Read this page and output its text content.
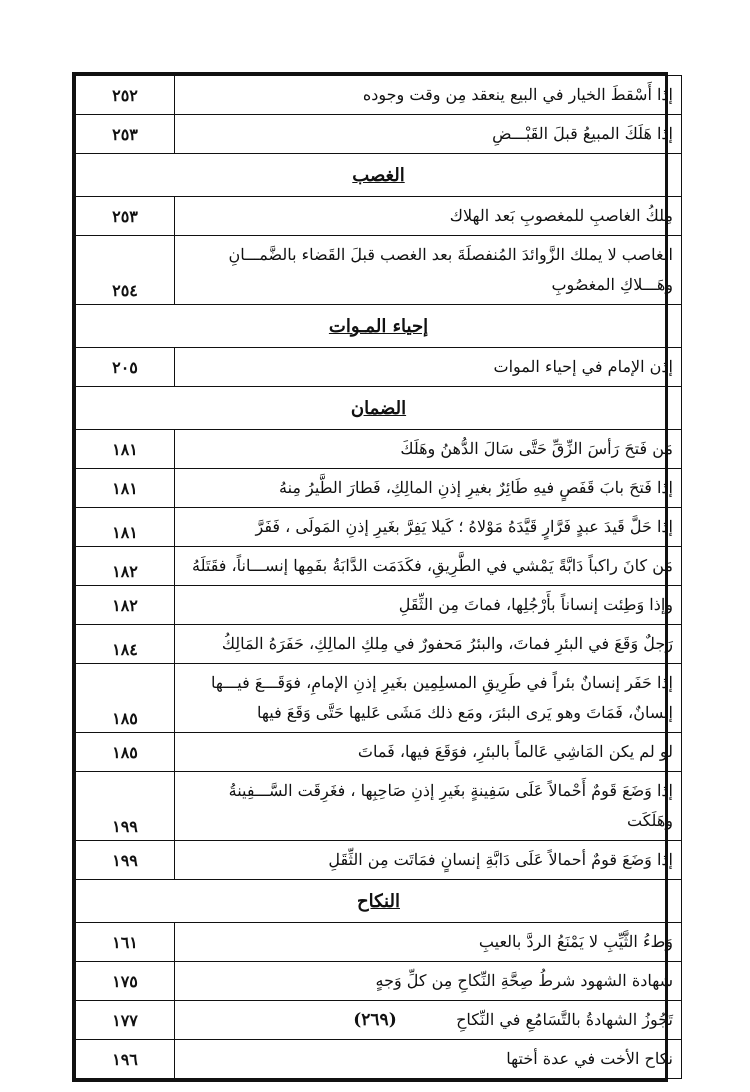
إذا أَسْقطَ الخيار في البيع ينعقد مِن وقت وجوده	٢٥٢
إذا هَلَكَ المبيعُ قبلَ القَبْـــضِ	٢٥٣
الغصب	
مِلكُ الغاصبِ للمغصوبِ بَعد الهلاك	٢٥٣
الغاصب لا يملك الزَّوائدَ المُنفصلَةَ بعد الغصب قبلَ القَضاء بالضَّمـــانِ وهَـــلاكِ المغصُوبِ	٢٥٤
إحياء المـوات	
إذن الإمام في إحياء الموات	٢٠٥
الضمان	
مَن فَتحَ رَأسَ الزِّقِّ حَتَّى سَالَ الدُّهنُ وهَلَكَ	١٨١
إذا فَتحَ بابَ قَفَصٍ فيهِ طَائِرٌ بغيرِ إذنِ المالِكِ، فَطارَ الطَّيرُ مِنهُ	١٨١
إذا حَلَّ قَيدَ عبدٍ فَرَّارٍ قَيَّدَهُ مَوْلاهُ ؛ كَيلا يَفِرَّ بغَيرِ إذنِ المَولَى ، فَفَرَّ	١٨١
مَن كانَ راكباً دَابَّةً يَمْشي في الطَّرِيقِ، فكَدَمَت الدَّابَةُ بفَمِها إنســـاناً، فقَتَلَهُ	١٨٢
وإذا وَطِئت إنساناً بأَرْجُلِها، فماتَ مِن الثِّقَلِ	١٨٢
رَجلٌ وَقَعَ في البئرِ فماتَ، والبئرُ مَحفورٌ في مِلكِ المالِكِ، حَفَرَهُ المَالِكُ	١٨٤
إذا حَفَر إنسانٌ بئراً في طَرِيقِ المسلِمِين بغَيرِ إذنِ الإمامِ، فوَقَـــعَ فيـــها إنسانٌ، فَمَاتَ وهو يَرى البئرَ، ومَع ذلك مَشَى عَليها حَتَّى وَقَعَ فيها	١٨٥
لو لم يكن المَاشِي عَالماً بالبئرِ، فوَقَعَ فيها، فَماتَ	١٨٥
إذا وَضَعَ قَومٌ أَحْمالاً عَلَى سَفِينةٍ بغَيرِ إذنِ صَاحِبِها ، فغَرِقَت السَّـــفِينةُ وهَلَكَت	١٩٩
إذا وَضَعَ قومٌ أحمالاً عَلَى دَابَّةِ إنسانٍ فمَاتَت مِن الثِّقَلِ	١٩٩
النكاح	
وَطءُ الثَّيِّبِ لا يَمْنَعُ الردَّ بالعيبِ	١٦١
شهادة الشهود شرطُ صِحَّةِ النِّكاحِ مِن كلِّ وَجهٍ	١٧٥
تَجُوزُ الشهادةُ بالتَّسَامُعِ في النِّكاحِ	١٧٧
نكاح الأخت في عدة أختها	١٩٦
(٢٦٩)
